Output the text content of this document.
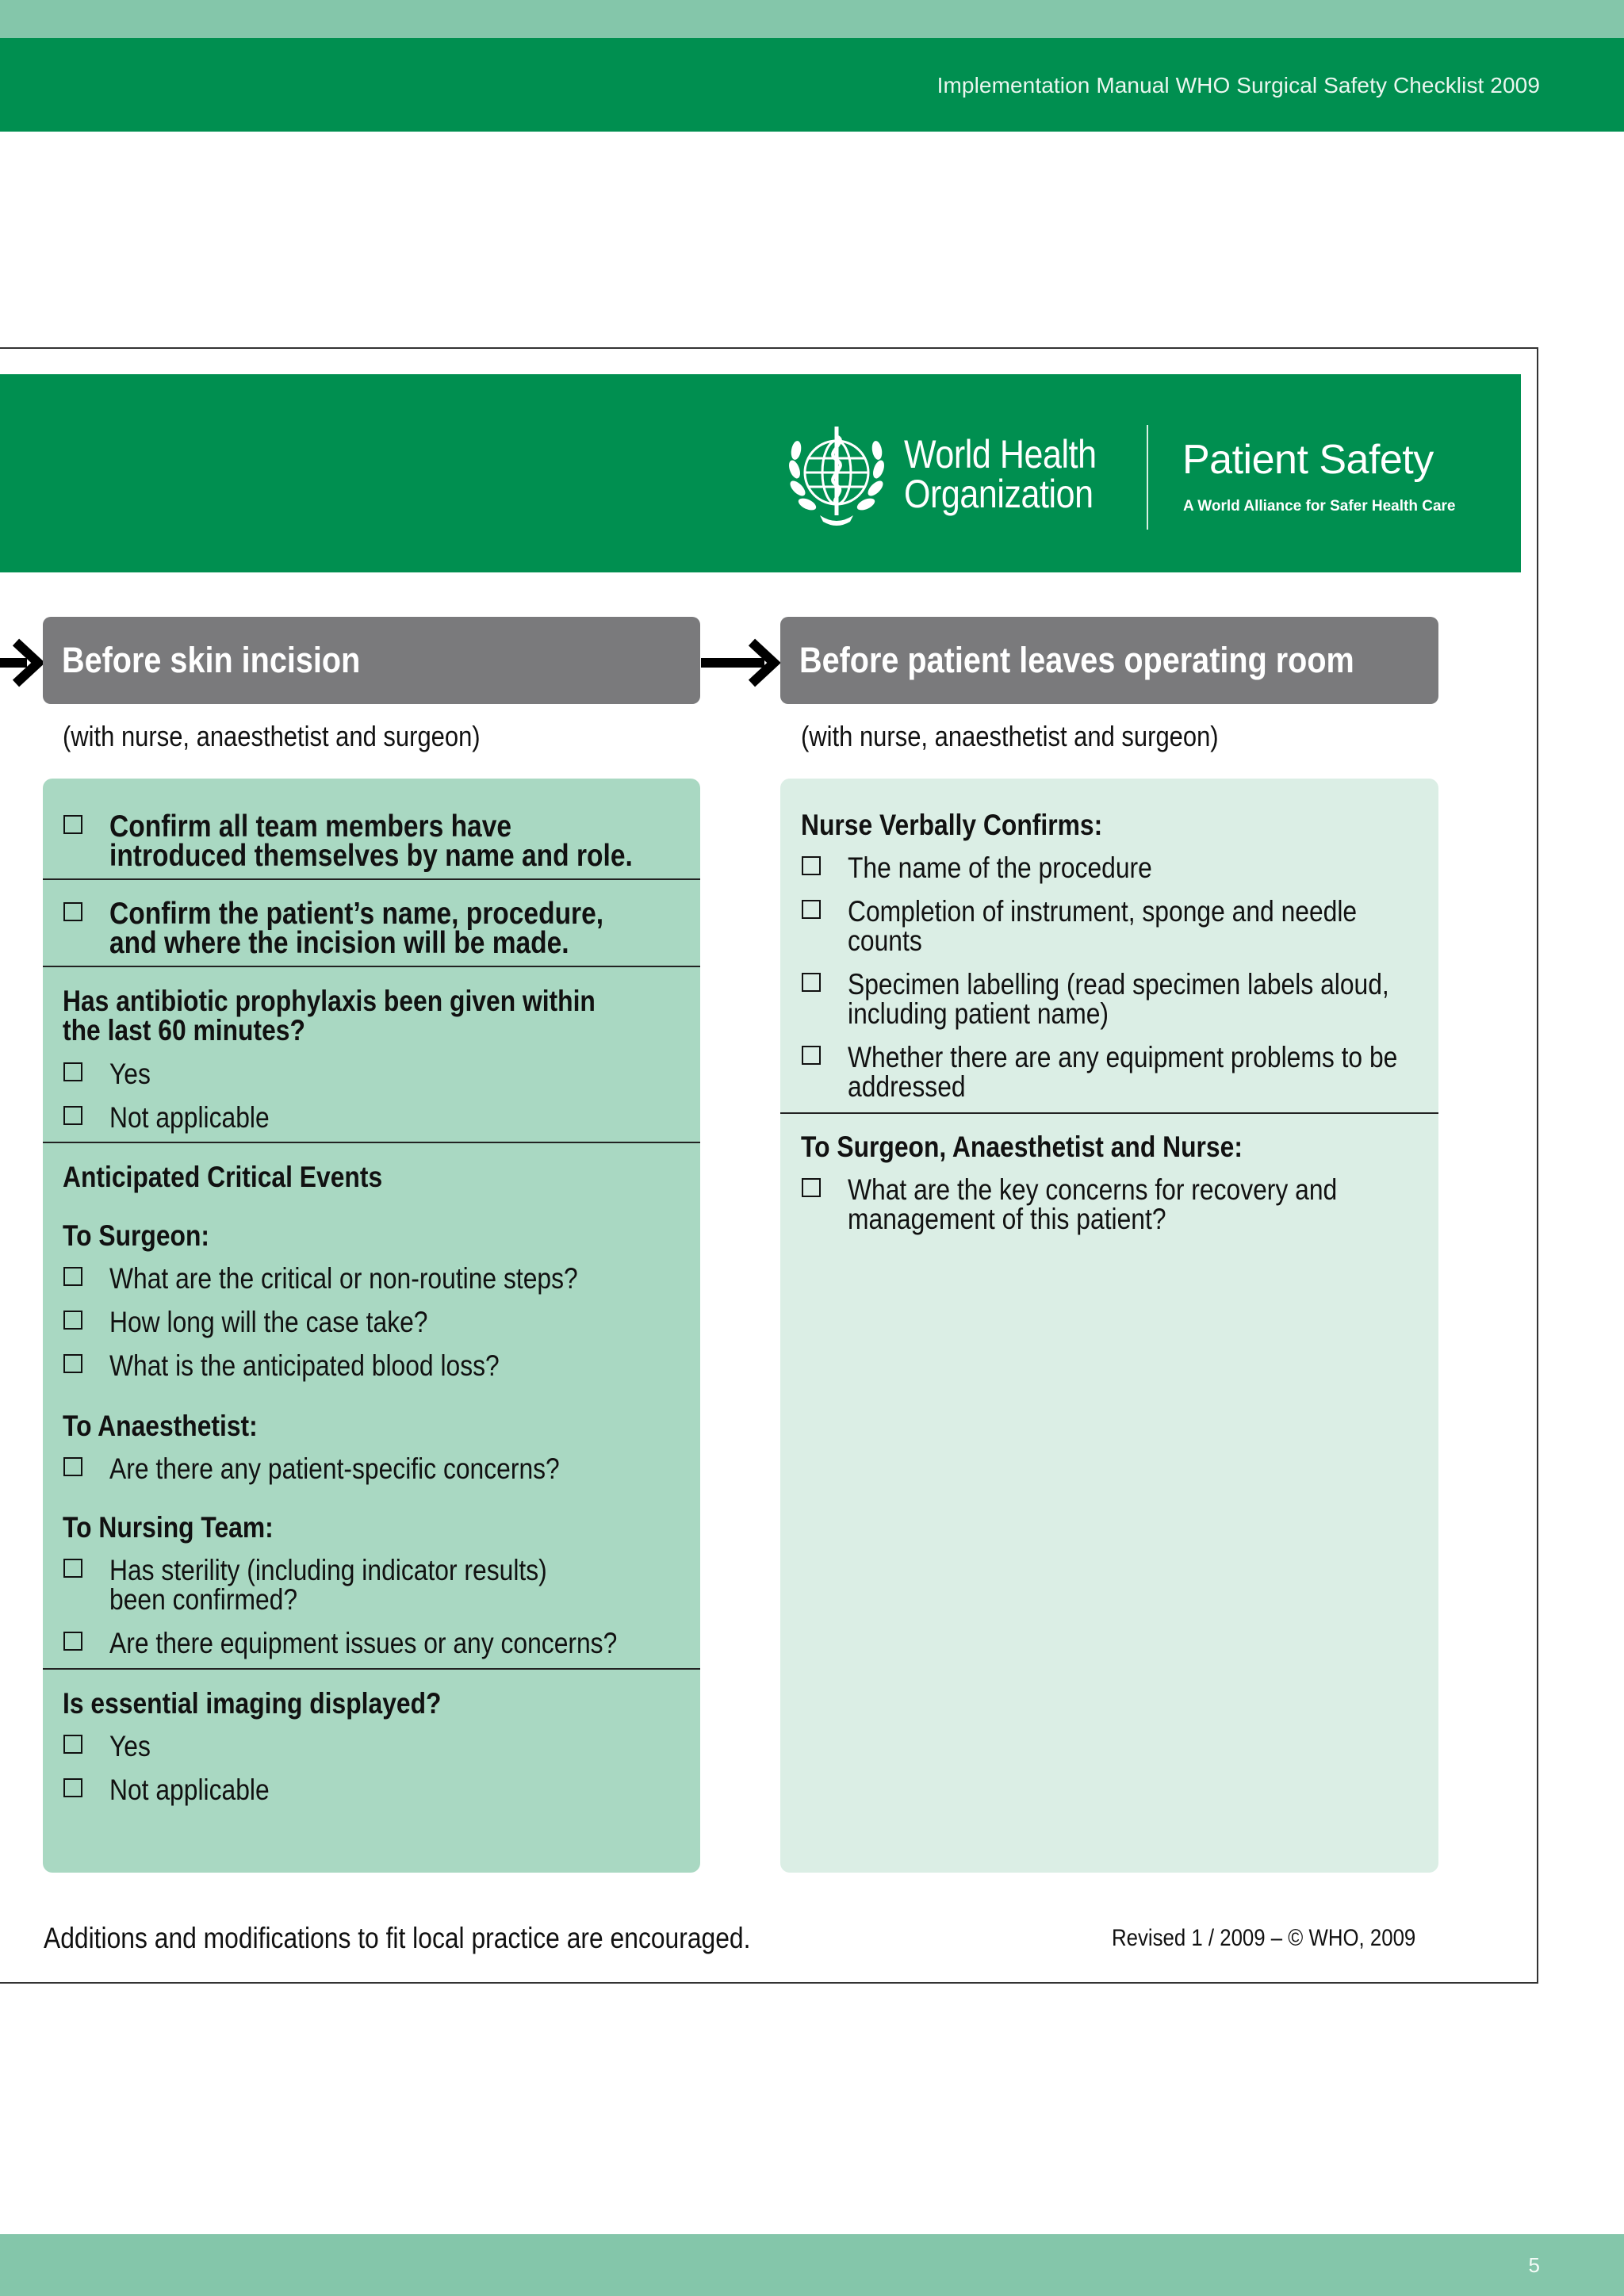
Implementation Manual WHO Surgical Safety Checklist 2009
World Health
Organization
Patient Safety
A World Alliance for Safer Health Care
Before skin incision	Before patient leaves operating room
(with nurse, anaesthetist and surgeon)	(with nurse, anaesthetist and surgeon)
Confirm all team members have
introduced themselves by name and role.
Confirm the patient’s name, procedure,
and where the incision will be made.
Has antibiotic prophylaxis been given within
the last 60 minutes?
Yes
Not applicable
Anticipated Critical Events
To Surgeon:
What are the critical or non-routine steps?
How long will the case take?
What is the anticipated blood loss?
To Anaesthetist:
Are there any patient-specific concerns?
To Nursing Team:
Has sterility (including indicator results)
been confirmed?
Are there equipment issues or any concerns?
Is essential imaging displayed?
Yes
Not applicable
Nurse Verbally Confirms:
The name of the procedure
Completion of instrument, sponge and needle
counts
Specimen labelling (read specimen labels aloud,
including patient name)
Whether there are any equipment problems to be
addressed
To Surgeon, Anaesthetist and Nurse:
What are the key concerns for recovery and
management of this patient?
Additions and modifications to fit local practice are encouraged.	Revised 1 / 2009 – © WHO, 2009
5
